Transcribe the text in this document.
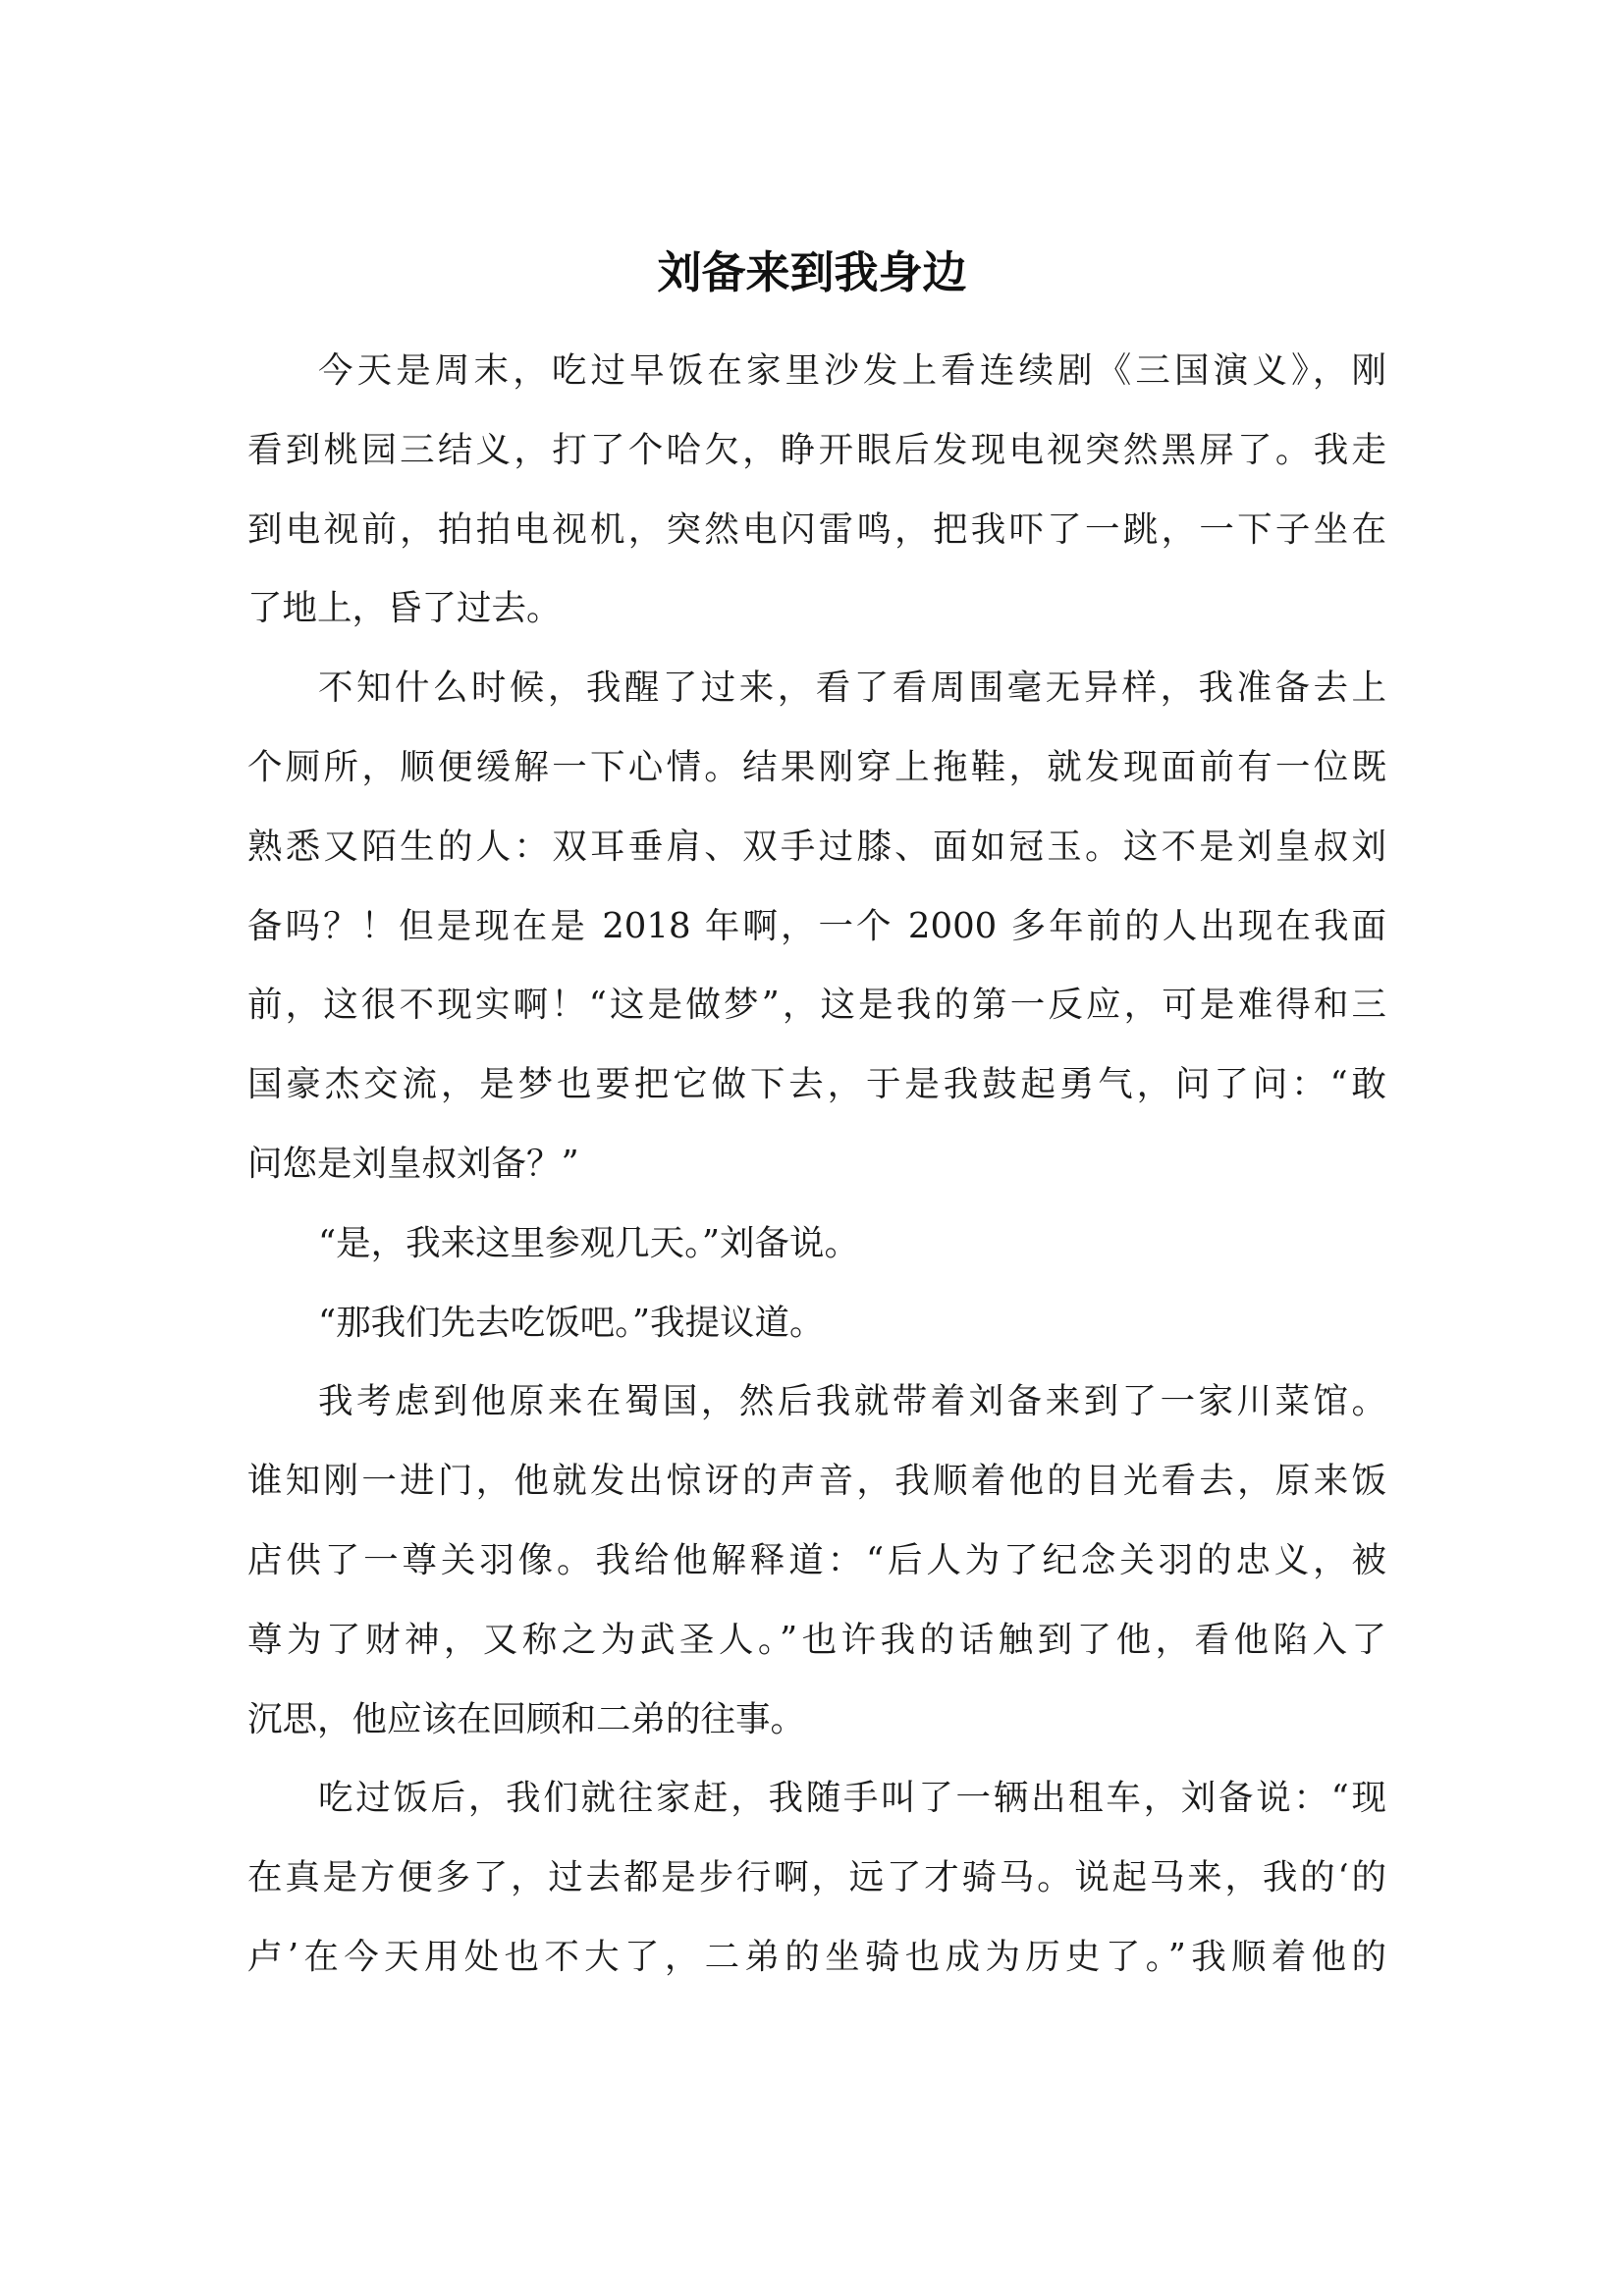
刘备来到我身边
今天是周末，吃过早饭在家里沙发上看连续剧《三国演义》，刚
看到桃园三结义，打了个哈欠，睁开眼后发现电视突然黑屏了。我走
到电视前，拍拍电视机，突然电闪雷鸣，把我吓了一跳，一下子坐在
了地上，昏了过去。
不知什么时候，我醒了过来，看了看周围毫无异样，我准备去上
个厕所，顺便缓解一下心情。结果刚穿上拖鞋，就发现面前有一位既
熟悉又陌生的人：双耳垂肩、双手过膝、面如冠玉。这不是刘皇叔刘
备吗？！但是现在是 2018 年啊，一个 2000 多年前的人出现在我面
前，这很不现实啊！“这是做梦”，这是我的第一反应，可是难得和三
国豪杰交流，是梦也要把它做下去，于是我鼓起勇气，问了问：“敢
问您是刘皇叔刘备？”
“是，我来这里参观几天。”刘备说。
“那我们先去吃饭吧。”我提议道。
我考虑到他原来在蜀国，然后我就带着刘备来到了一家川菜馆。
谁知刚一进门，他就发出惊讶的声音，我顺着他的目光看去，原来饭
店供了一尊关羽像。我给他解释道：“后人为了纪念关羽的忠义，被
尊为了财神，又称之为武圣人。”也许我的话触到了他，看他陷入了
沉思，他应该在回顾和二弟的往事。
吃过饭后，我们就往家赶，我随手叫了一辆出租车，刘备说：“现
在真是方便多了，过去都是步行啊，远了才骑马。说起马来，我的‘的
卢’在今天用处也不大了，二弟的坐骑也成为历史了。”我顺着他的
